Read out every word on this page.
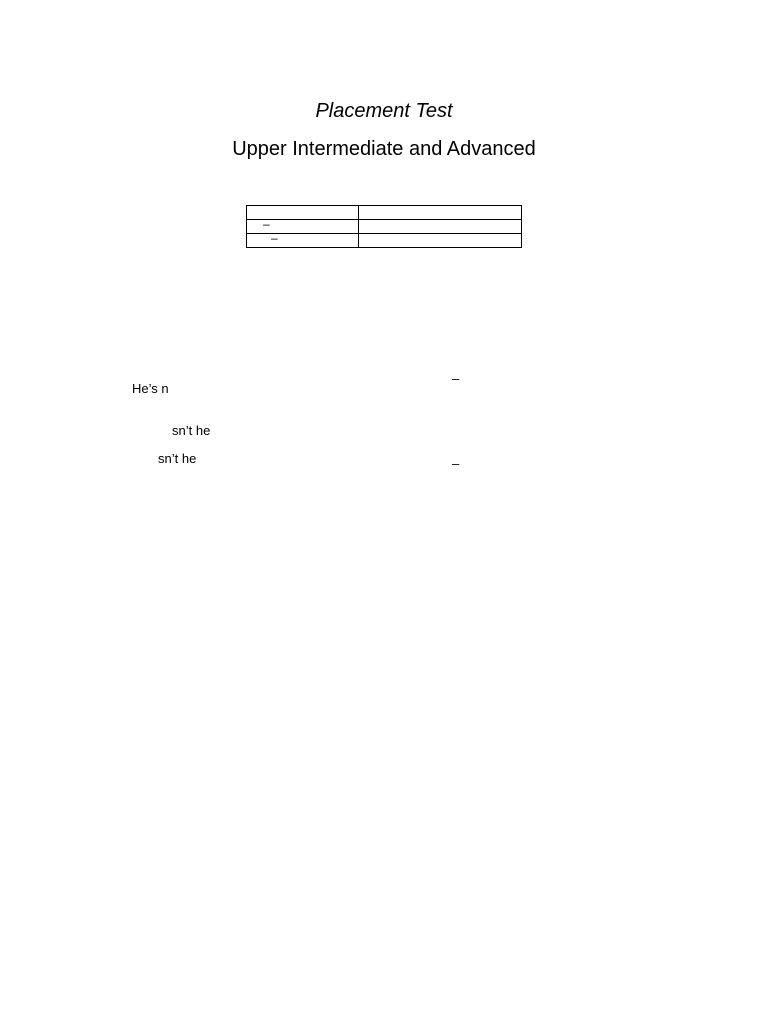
Placement Test
Upper Intermediate and Advanced

–	

–	

–
He’s n
sn’t he
sn’t he	–
